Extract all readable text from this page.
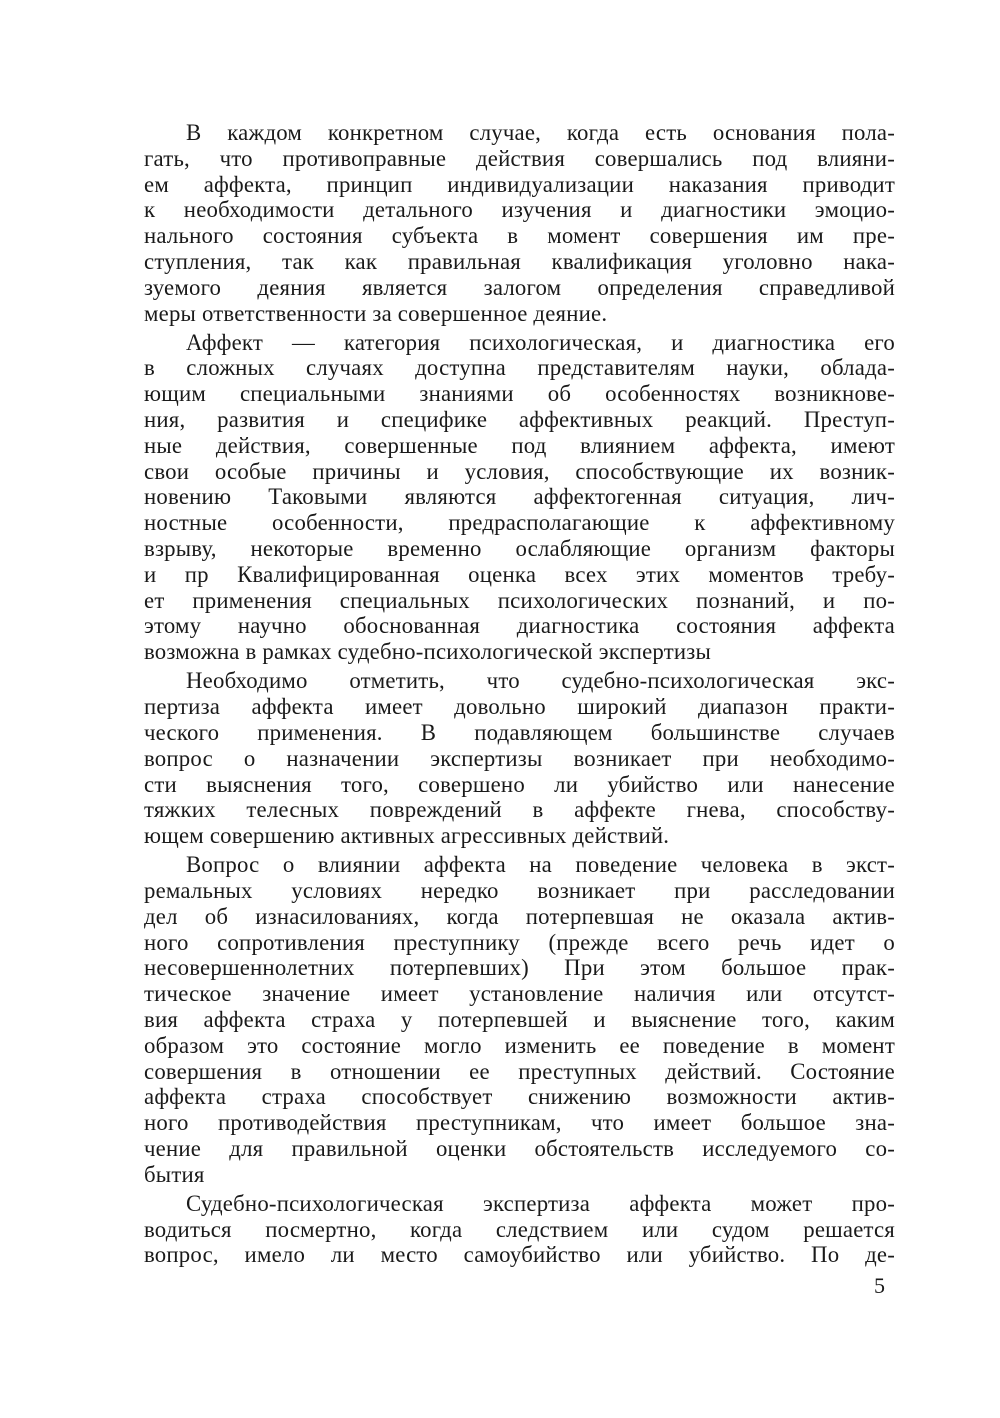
В каждом конкретном случае, когда есть основания пола-
гать, что противоправные действия совершались под влияни-
ем аффекта, принцип индивидуализации наказания приводит
к необходимости детального изучения и диагностики эмоцио-
нального состояния субъекта в момент совершения им пре-
ступления, так как правильная квалификация уголовно нака-
зуемого деяния является залогом определения справедливой
меры ответственности за совершенное деяние.
Аффект — категория психологическая, и диагностика его
в сложных случаях доступна представителям науки, облада-
ющим специальными знаниями об особенностях возникнове-
ния, развития и специфике аффективных реакций. Преступ-
ные действия, совершенные под влиянием аффекта, имеют
свои особые причины и условия, способствующие их возник-
новению Таковыми являются аффектогенная ситуация, лич-
ностные особенности, предрасполагающие к аффективному
взрыву, некоторые временно ослабляющие организм факторы
и пр Квалифицированная оценка всех этих моментов требу-
ет применения специальных психологических познаний, и по-
этому научно обоснованная диагностика состояния аффекта
возможна в рамках судебно-психологической экспертизы
Необходимо отметить, что судебно-психологическая экс-
пертиза аффекта имеет довольно широкий диапазон практи-
ческого применения. В подавляющем большинстве случаев
вопрос о назначении экспертизы возникает при необходимо-
сти выяснения того, совершено ли убийство или нанесение
тяжких телесных повреждений в аффекте гнева, способству-
ющем совершению активных агрессивных действий.
Вопрос о влиянии аффекта на поведение человека в экст-
ремальных условиях нередко возникает при расследовании
дел об изнасилованиях, когда потерпевшая не оказала актив-
ного сопротивления преступнику (прежде всего речь идет о
несовершеннолетних потерпевших) При этом большое прак-
тическое значение имеет установление наличия или отсутст-
вия аффекта страха у потерпевшей и выяснение того, каким
образом это состояние могло изменить ее поведение в момент
совершения в отношении ее преступных действий. Состояние
аффекта страха способствует снижению возможности актив-
ного противодействия преступникам, что имеет большое зна-
чение для правильной оценки обстоятельств исследуемого со-
бытия
Судебно-психологическая экспертиза аффекта может про-
водиться посмертно, когда следствием или судом решается
вопрос, имело ли место самоубийство или убийство. По де-
5
